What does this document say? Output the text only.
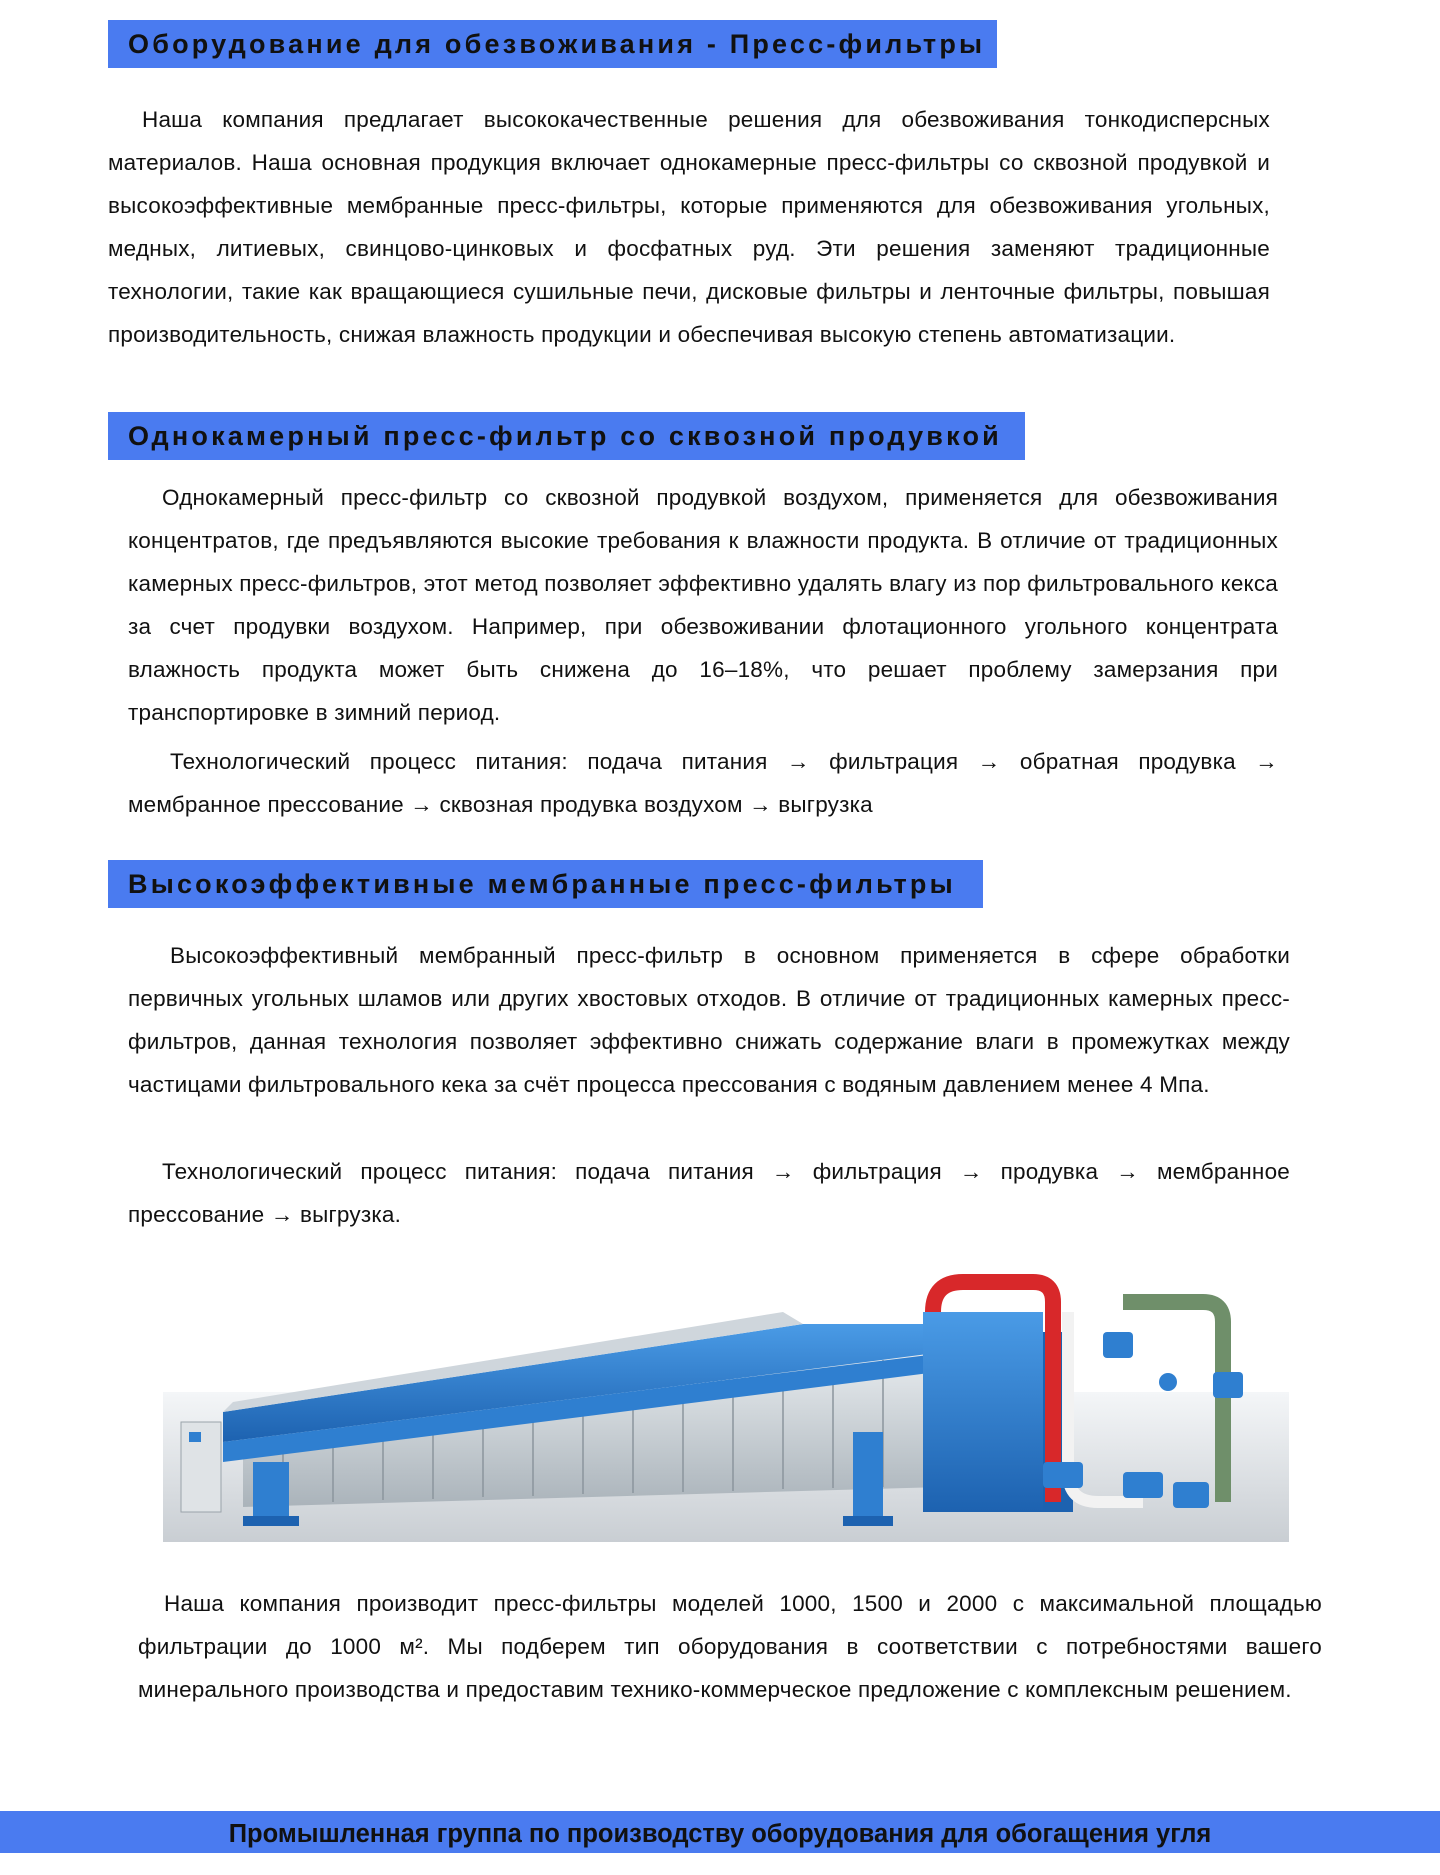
Оборудование для обезвоживания - Пресс-фильтры

Наша компания предлагает высококачественные решения для обезвоживания тонкодисперсных материалов. Наша основная продукция включает однокамерные пресс-фильтры со сквозной продувкой и высокоэффективные мембранные пресс-фильтры, которые применяются для обезвоживания угольных, медных, литиевых, свинцово-цинковых и фосфатных руд. Эти решения заменяют традиционные технологии, такие как вращающиеся сушильные печи, дисковые фильтры и ленточные фильтры, повышая производительность, снижая влажность продукции и обеспечивая высокую степень автоматизации.

Однокамерный пресс-фильтр со сквозной продувкой

Однокамерный пресс-фильтр со сквозной продувкой воздухом, применяется для обезвоживания концентратов, где предъявляются высокие требования к влажности продукта. В отличие от традиционных камерных пресс-фильтров, этот метод позволяет эффективно удалять влагу из пор фильтровального кекса за счет продувки воздухом. Например, при обезвоживании флотационного угольного концентрата влажность продукта может быть снижена до 16–18%, что решает проблему замерзания при транспортировке в зимний период.

Технологический процесс питания: подача питания → фильтрация → обратная продувка → мембранное прессование → сквозная продувка воздухом → выгрузка

Высокоэффективные мембранные пресс-фильтры

Высокоэффективный мембранный пресс-фильтр в основном применяется в сфере обработки первичных угольных шламов или других хвостовых отходов. В отличие от традиционных камерных пресс-фильтров, данная технология позволяет эффективно снижать содержание влаги в промежутках между частицами фильтровального кека за счёт процесса прессования с водяным давлением менее 4 Мпа.

Технологический процесс питания: подача питания → фильтрация → продувка → мембранное прессование → выгрузка.

Наша компания производит пресс-фильтры моделей 1000, 1500 и 2000 с максимальной площадью фильтрации до 1000 м². Мы подберем тип оборудования в соответствии с потребностями вашего минерального производства и предоставим технико-коммерческое предложение с комплексным решением.

Промышленная группа по производству оборудования для обогащения угля
